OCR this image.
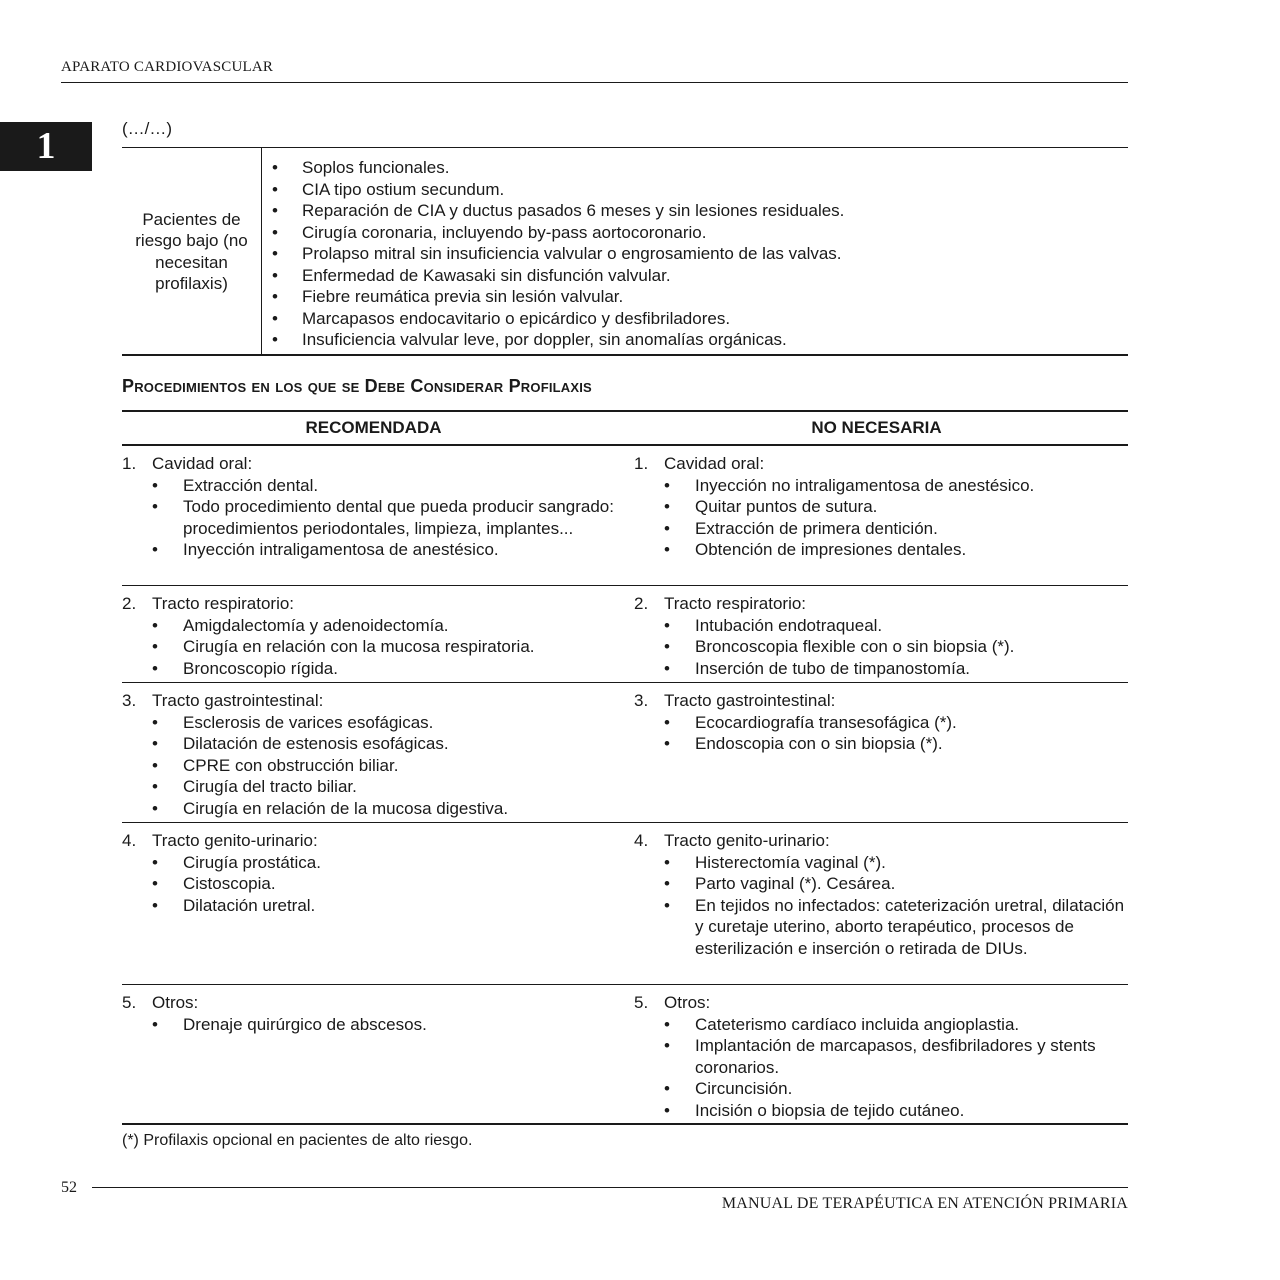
APARATO CARDIOVASCULAR
1	(…/…)
Pacientes de riesgo bajo (no necesitan profilaxis)
• Soplos funcionales.
• CIA tipo ostium secundum.
• Reparación de CIA y ductus pasados 6 meses y sin lesiones residuales.
• Cirugía coronaria, incluyendo by-pass aortocoronario.
• Prolapso mitral sin insuficiencia valvular o engrosamiento de las valvas.
• Enfermedad de Kawasaki sin disfunción valvular.
• Fiebre reumática previa sin lesión valvular.
• Marcapasos endocavitario o epicárdico y desfibriladores.
• Insuficiencia valvular leve, por doppler, sin anomalías orgánicas.
Procedimientos en los que se Debe Considerar Profilaxis
RECOMENDADA	NO NECESARIA
1. Cavidad oral:
• Extracción dental.
• Todo procedimiento dental que pueda producir sangrado: procedimientos periodontales, limpieza, implantes...
• Inyección intraligamentosa de anestésico.
1. Cavidad oral:
• Inyección no intraligamentosa de anestésico.
• Quitar puntos de sutura.
• Extracción de primera dentición.
• Obtención de impresiones dentales.
2. Tracto respiratorio:
• Amigdalectomía y adenoidectomía.
• Cirugía en relación con la mucosa respiratoria.
• Broncoscopio rígida.
2. Tracto respiratorio:
• Intubación endotraqueal.
• Broncoscopia flexible con o sin biopsia (*).
• Inserción de tubo de timpanostomía.
3. Tracto gastrointestinal:
• Esclerosis de varices esofágicas.
• Dilatación de estenosis esofágicas.
• CPRE con obstrucción biliar.
• Cirugía del tracto biliar.
• Cirugía en relación de la mucosa digestiva.
3. Tracto gastrointestinal:
• Ecocardiografía transesofágica (*).
• Endoscopia con o sin biopsia (*).
4. Tracto genito-urinario:
• Cirugía prostática.
• Cistoscopia.
• Dilatación uretral.
4. Tracto genito-urinario:
• Histerectomía vaginal (*).
• Parto vaginal (*). Cesárea.
• En tejidos no infectados: cateterización uretral, dilatación y curetaje uterino, aborto terapéutico, procesos de esterilización e inserción o retirada de DIUs.
5. Otros:
• Drenaje quirúrgico de abscesos.
5. Otros:
• Cateterismo cardíaco incluida angioplastia.
• Implantación de marcapasos, desfibriladores y stents coronarios.
• Circuncisión.
• Incisión o biopsia de tejido cutáneo.
(*) Profilaxis opcional en pacientes de alto riesgo.
52
MANUAL DE TERAPÉUTICA EN ATENCIÓN PRIMARIA
